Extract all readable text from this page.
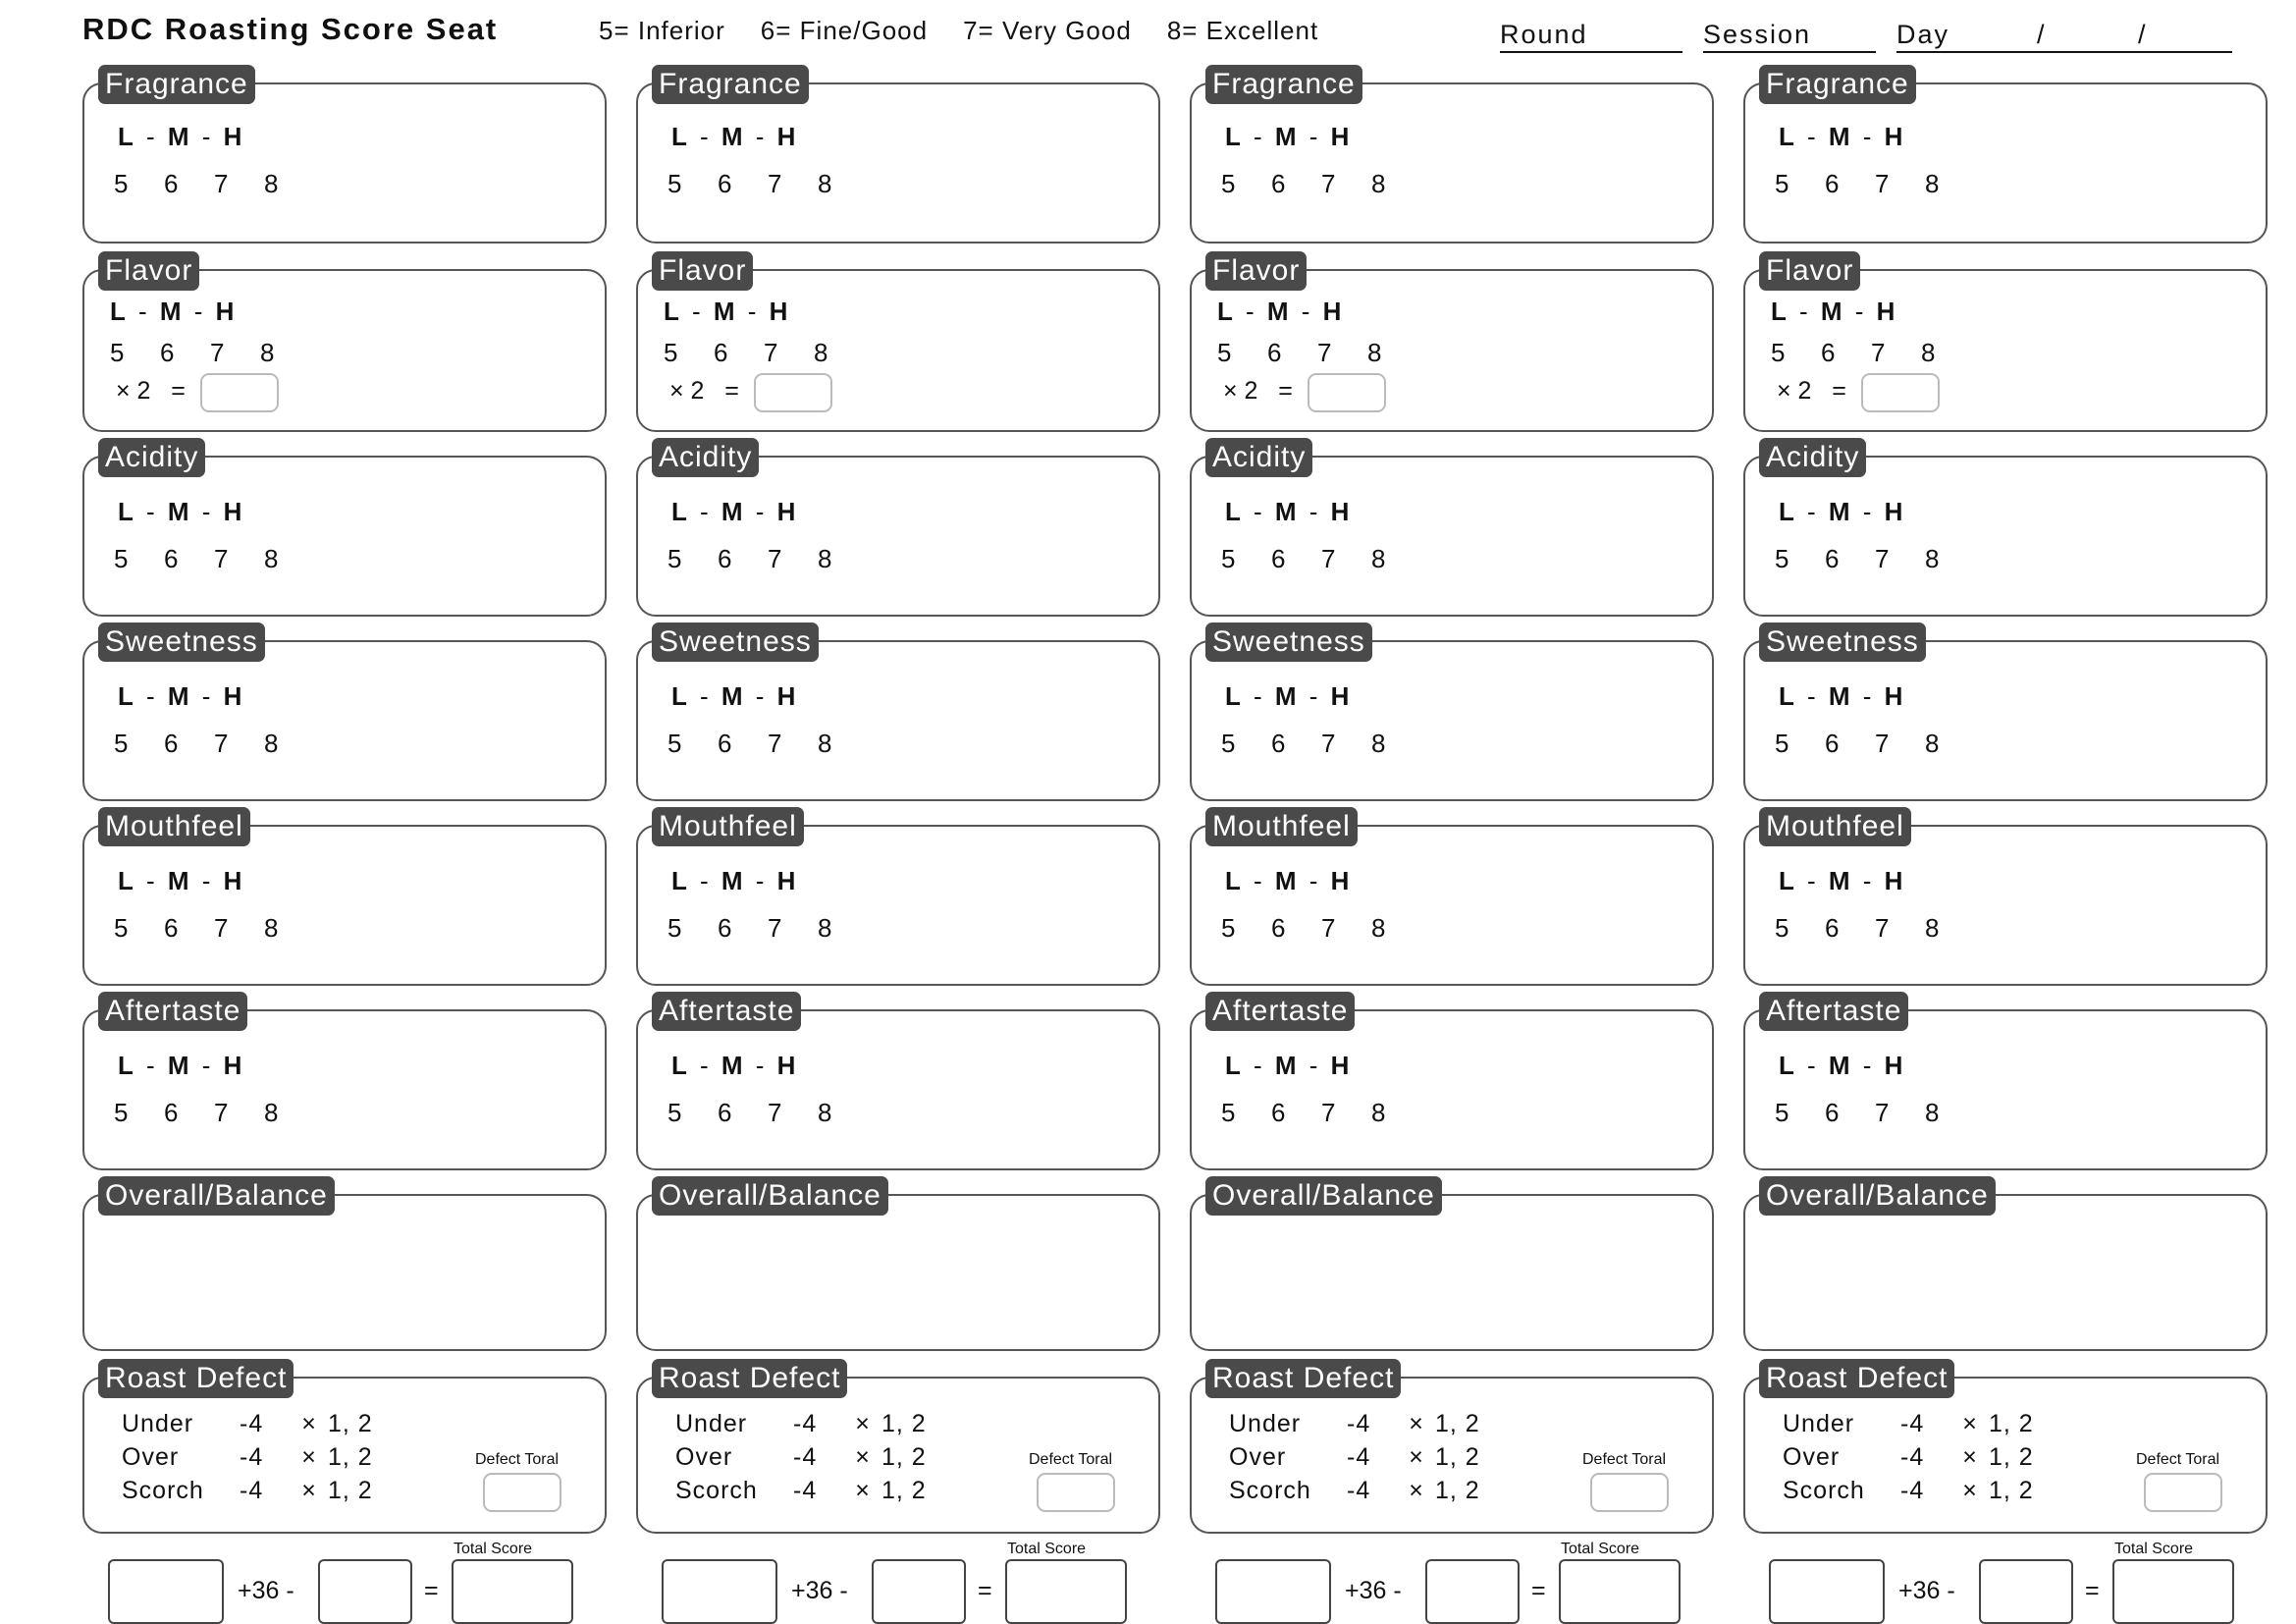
RDC Roasting Score Seat	5= Inferior 6= Fine/Good 7= Very Good 8= Excellent	Round	Session	Day	/	/
Fragrance
L - M - H
5 6 7 8
Flavor
L - M - H
5 6 7 8
× 2 =
Acidity
L - M - H
5 6 7 8
Sweetness
L - M - H
5 6 7 8
Mouthfeel
L - M - H
5 6 7 8
Aftertaste
L - M - H
5 6 7 8
Overall/Balance
Roast Defect
Under -4 × 1, 2
Over -4 × 1, 2
Scorch -4 × 1, 2
Defect Toral
+36 -	=
Total Score
Fragrance
L - M - H
5 6 7 8
Flavor
L - M - H
5 6 7 8
× 2 =
Acidity
L - M - H
5 6 7 8
Sweetness
L - M - H
5 6 7 8
Mouthfeel
L - M - H
5 6 7 8
Aftertaste
L - M - H
5 6 7 8
Overall/Balance
Roast Defect
Under -4 × 1, 2
Over -4 × 1, 2
Scorch -4 × 1, 2
Defect Toral
+36 -	=
Total Score
Fragrance
L - M - H
5 6 7 8
Flavor
L - M - H
5 6 7 8
× 2 =
Acidity
L - M - H
5 6 7 8
Sweetness
L - M - H
5 6 7 8
Mouthfeel
L - M - H
5 6 7 8
Aftertaste
L - M - H
5 6 7 8
Overall/Balance
Roast Defect
Under -4 × 1, 2
Over -4 × 1, 2
Scorch -4 × 1, 2
Defect Toral
+36 -	=
Total Score
Fragrance
L - M - H
5 6 7 8
Flavor
L - M - H
5 6 7 8
× 2 =
Acidity
L - M - H
5 6 7 8
Sweetness
L - M - H
5 6 7 8
Mouthfeel
L - M - H
5 6 7 8
Aftertaste
L - M - H
5 6 7 8
Overall/Balance
Roast Defect
Under -4 × 1, 2
Over -4 × 1, 2
Scorch -4 × 1, 2
Defect Toral
+36 -	=
Total Score
